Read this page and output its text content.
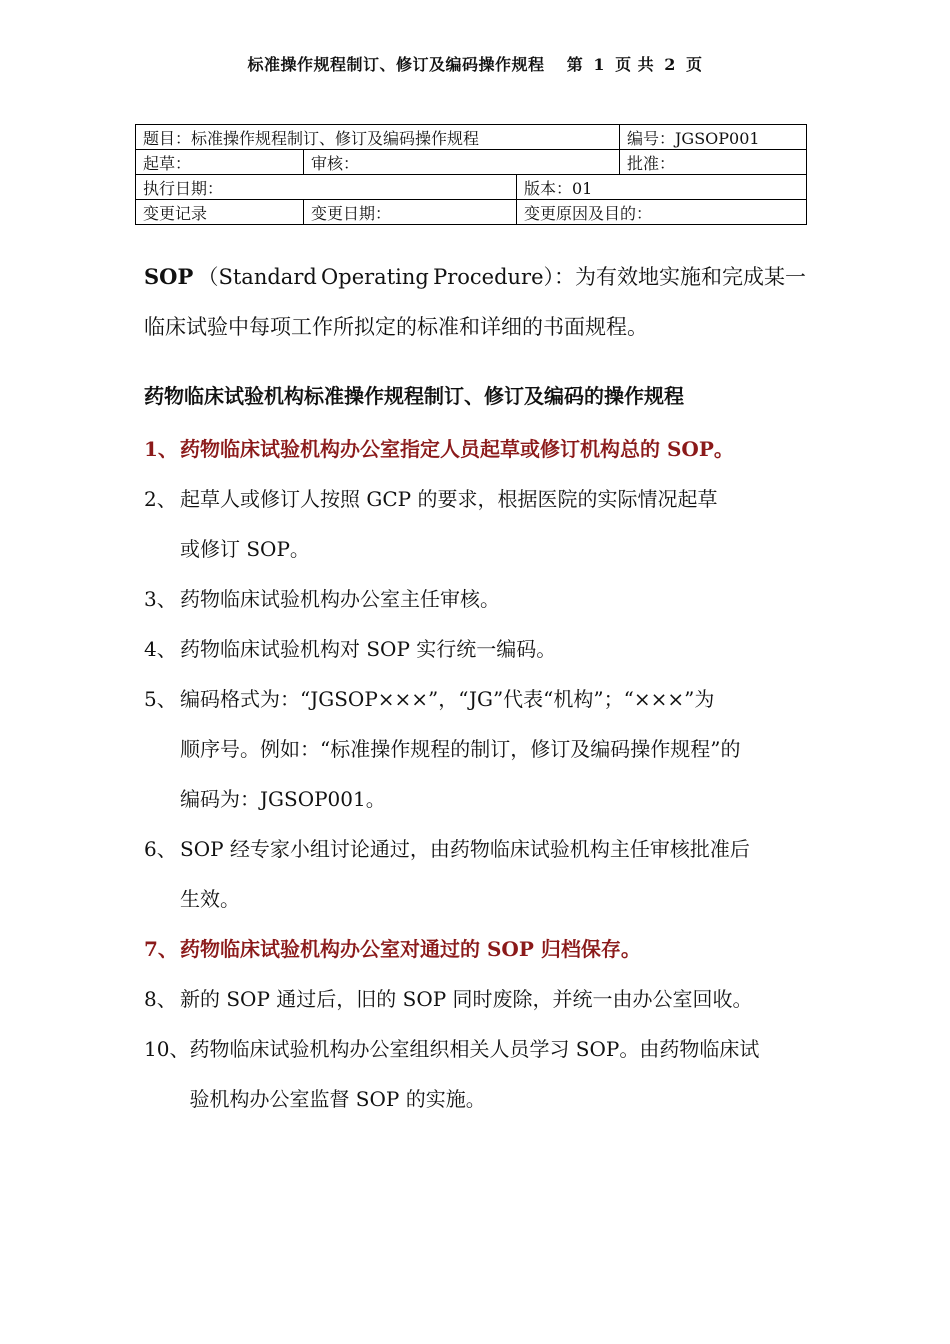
标准操作规程制订、修订及编码操作规程 第 1 页 共 2 页
题目：标准操作规程制订、修订及编码操作规程			编号：JGSOP001
起草：	审核：		批准：
执行日期：		版本：01	
变更记录	变更日期：	变更原因及目的：	
SOP （Standard Operating Procedure）：为有效地实施和完成某一
临床试验中每项工作所拟定的标准和详细的书面规程。
药物临床试验机构标准操作规程制订、修订及编码的操作规程
1、 药物临床试验机构办公室指定人员起草或修订机构总的 SOP。
2、 起草人或修订人按照 GCP 的要求，根据医院的实际情况起草
或修订 SOP。
3、 药物临床试验机构办公室主任审核。
4、 药物临床试验机构对 SOP 实行统一编码。
5、 编码格式为：“JGSOP×××”，“JG”代表“机构”；“×××”为
顺序号。例如：“标准操作规程的制订，修订及编码操作规程”的
编码为：JGSOP001。
6、 SOP 经专家小组讨论通过，由药物临床试验机构主任审核批准后
生效。
7、 药物临床试验机构办公室对通过的 SOP 归档保存。
8、 新的 SOP 通过后，旧的 SOP 同时废除，并统一由办公室回收。
10、 药物临床试验机构办公室组织相关人员学习 SOP。由药物临床试
验机构办公室监督 SOP 的实施。
